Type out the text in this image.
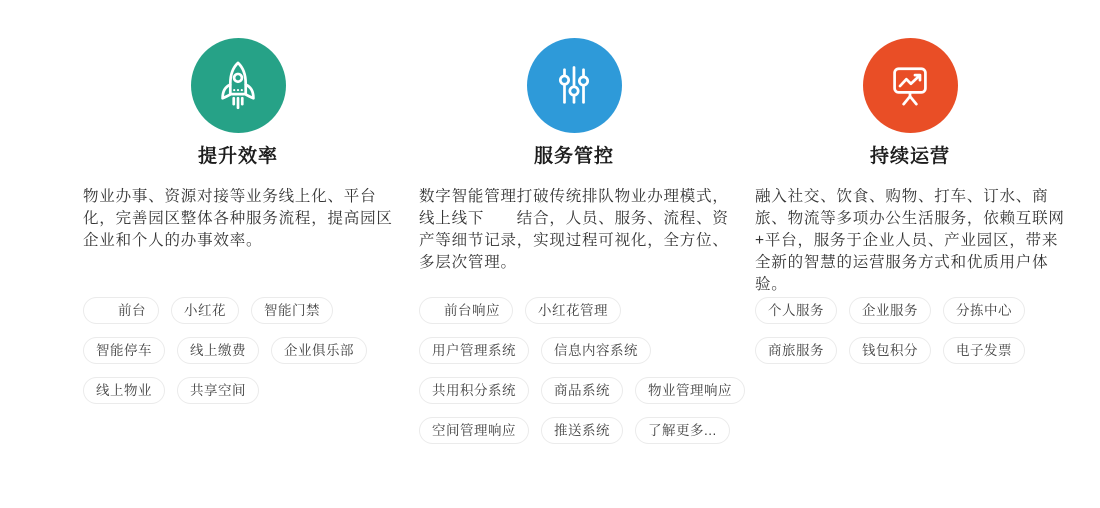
提升效率

物业办事、资源对接等业务线上化、平台化，完善园区整体各种服务流程，提高园区企业和个人的办事效率。

前台	小红花	智能门禁
智能停车	线上缴费	企业俱乐部
线上物业	共享空间
服务管控

数字智能管理打破传统排队物业办理模式，线上线下　　结合，人员、服务、流程、资产等细节记录，实现过程可视化，全方位、多层次管理。

前台响应	小红花管理
用户管理系统	信息内容系统
共用积分系统	商品系统	物业管理响应
空间管理响应	推送系统	了解更多...
持续运营

融入社交、饮食、购物、打车、订水、商旅、物流等多项办公生活服务，依赖互联网+平台，服务于企业人员、产业园区，带来全新的智慧的运营服务方式和优质用户体验。

个人服务	企业服务	分拣中心
商旅服务	钱包积分	电子发票
